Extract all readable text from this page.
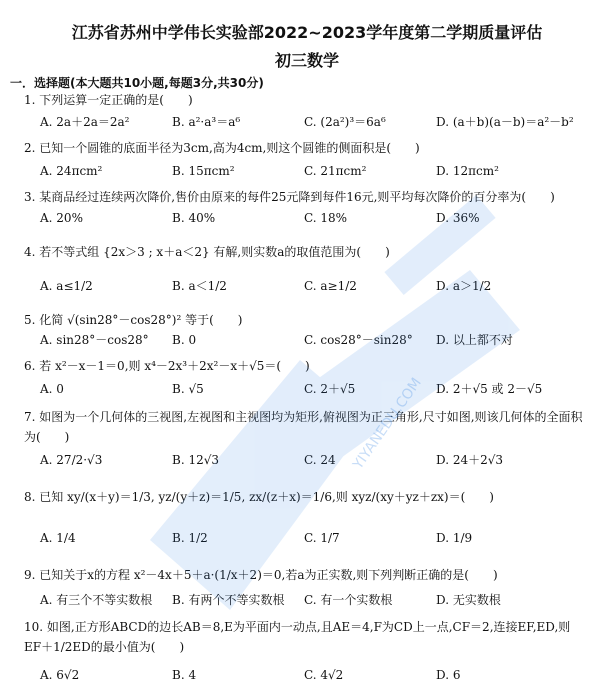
江苏省苏州中学伟长实验部2022~2023学年度第二学期质量评估
初三数学
一．选择题(本大题共10小题,每题3分,共30分)
1. 下列运算一定正确的是(　　)
A. 2a＋2a＝2a²	B. a²·a³＝a⁶	C. (2a²)³＝6a⁶	D. (a＋b)(a－b)＝a²－b²
2. 已知一个圆锥的底面半径为3cm,高为4cm,则这个圆锥的侧面积是(　　)
A. 24πcm²	B. 15πcm²	C. 21πcm²	D. 12πcm²
3. 某商品经过连续两次降价,售价由原来的每件25元降到每件16元,则平均每次降价的百分率为(　　)
A. 20%	B. 40%	C. 18%	D. 36%
4. 若不等式组 {2x＞3 ; x＋a＜2} 有解,则实数a的取值范围为(　　)
A. a≤1/2	B. a＜1/2	C. a≥1/2	D. a＞1/2
5. 化简 √(sin28°－cos28°)² 等于(　　)
A. sin28°－cos28° B. 0	C. cos28°－sin28° D. 以上都不对
6. 若 x²－x－1＝0,则 x⁴－2x³＋2x²－x＋√5＝(　　)
A. 0	B. √5	C. 2＋√5	D. 2＋√5 或 2－√5
7. 如图为一个几何体的三视图,左视图和主视图均为矩形,俯视图为正三角形,尺寸如图,则该几何体的全面积为(　　)
A. 27/2·√3	B. 12√3	C. 24	D. 24＋2√3
8. 已知 xy/(x＋y)＝1/3, yz/(y＋z)＝1/5, zx/(z＋x)＝1/6,则 xyz/(xy＋yz＋zx)＝(　　)
A. 1/4	B. 1/2	C. 1/7	D. 1/9
9. 已知关于x的方程 x²－4x＋5＋a·(1/x＋2)＝0,若a为正实数,则下列判断正确的是(　　)
A. 有三个不等实数根 B. 有两个不等实数根 C. 有一个实数根	D. 无实数根
10. 如图,正方形ABCD的边长AB＝8,E为平面内一动点,且AE＝4,F为CD上一点,CF＝2,连接EF,ED,则EF＋1/2ED的最小值为(　　)
A. 6√2	B. 4	C. 4√2	D. 6
YIYANEDU.COM
